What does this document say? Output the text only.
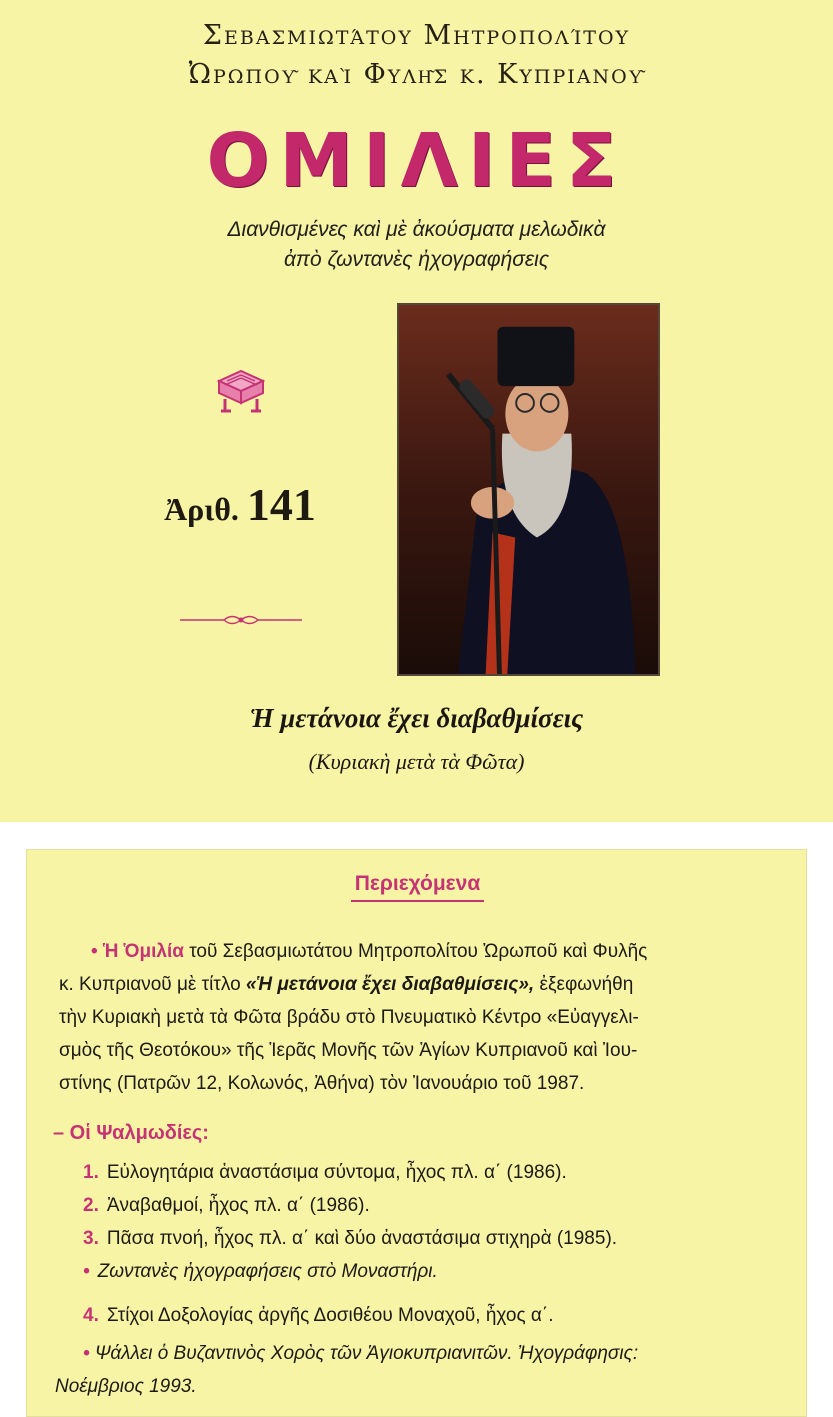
Σεβασμιωτάτου Μητροπολίτου
Ὠρωποῦ καὶ Φυλῆς κ. Κυπριανοῦ
ΟΜΙΛΙΕΣ
Διανθισμένες καὶ μὲ ἀκούσματα μελωδικὰ
ἀπὸ ζωντανὲς ἠχογραφήσεις
Ἀριθ. 141
Ἡ μετάνοια ἔχει διαβαθμίσεις
(Κυριακὴ μετὰ τὰ Φῶτα)
Περιεχόμενα
• Ἡ Ὁμιλία τοῦ Σεβασμιωτάτου Μητροπολίτου Ὠρωποῦ καὶ Φυλῆς
κ. Κυπριανοῦ μὲ τίτλο «Ἡ μετάνοια ἔχει διαβαθμίσεις», ἐξεφωνήθη
τὴν Κυριακὴ μετὰ τὰ Φῶτα βράδυ στὸ Πνευματικὸ Κέντρο «Εὐαγγελι-
σμὸς τῆς Θεοτόκου» τῆς Ἱερᾶς Μονῆς τῶν Ἁγίων Κυπριανοῦ καὶ Ἰου-
στίνης (Πατρῶν 12, Κολωνός, Ἀθήνα) τὸν Ἰανουάριο τοῦ 1987.
– Οἱ Ψαλμωδίες:
1. Εὐλογητάρια ἀναστάσιμα σύντομα, ἦχος πλ. α΄ (1986).
2. Ἀναβαθμοί, ἦχος πλ. α΄ (1986).
3. Πᾶσα πνοή, ἦχος πλ. α΄ καὶ δύο ἀναστάσιμα στιχηρὰ (1985).
• Ζωντανὲς ἠχογραφήσεις στὸ Μοναστήρι.
4. Στίχοι Δοξολογίας ἀργῆς Δοσιθέου Μοναχοῦ, ἦχος α΄.
• Ψάλλει ὁ Βυζαντινὸς Χορὸς τῶν Ἁγιοκυπριανιτῶν. Ἠχογράφησις:
Νοέμβριος 1993.
